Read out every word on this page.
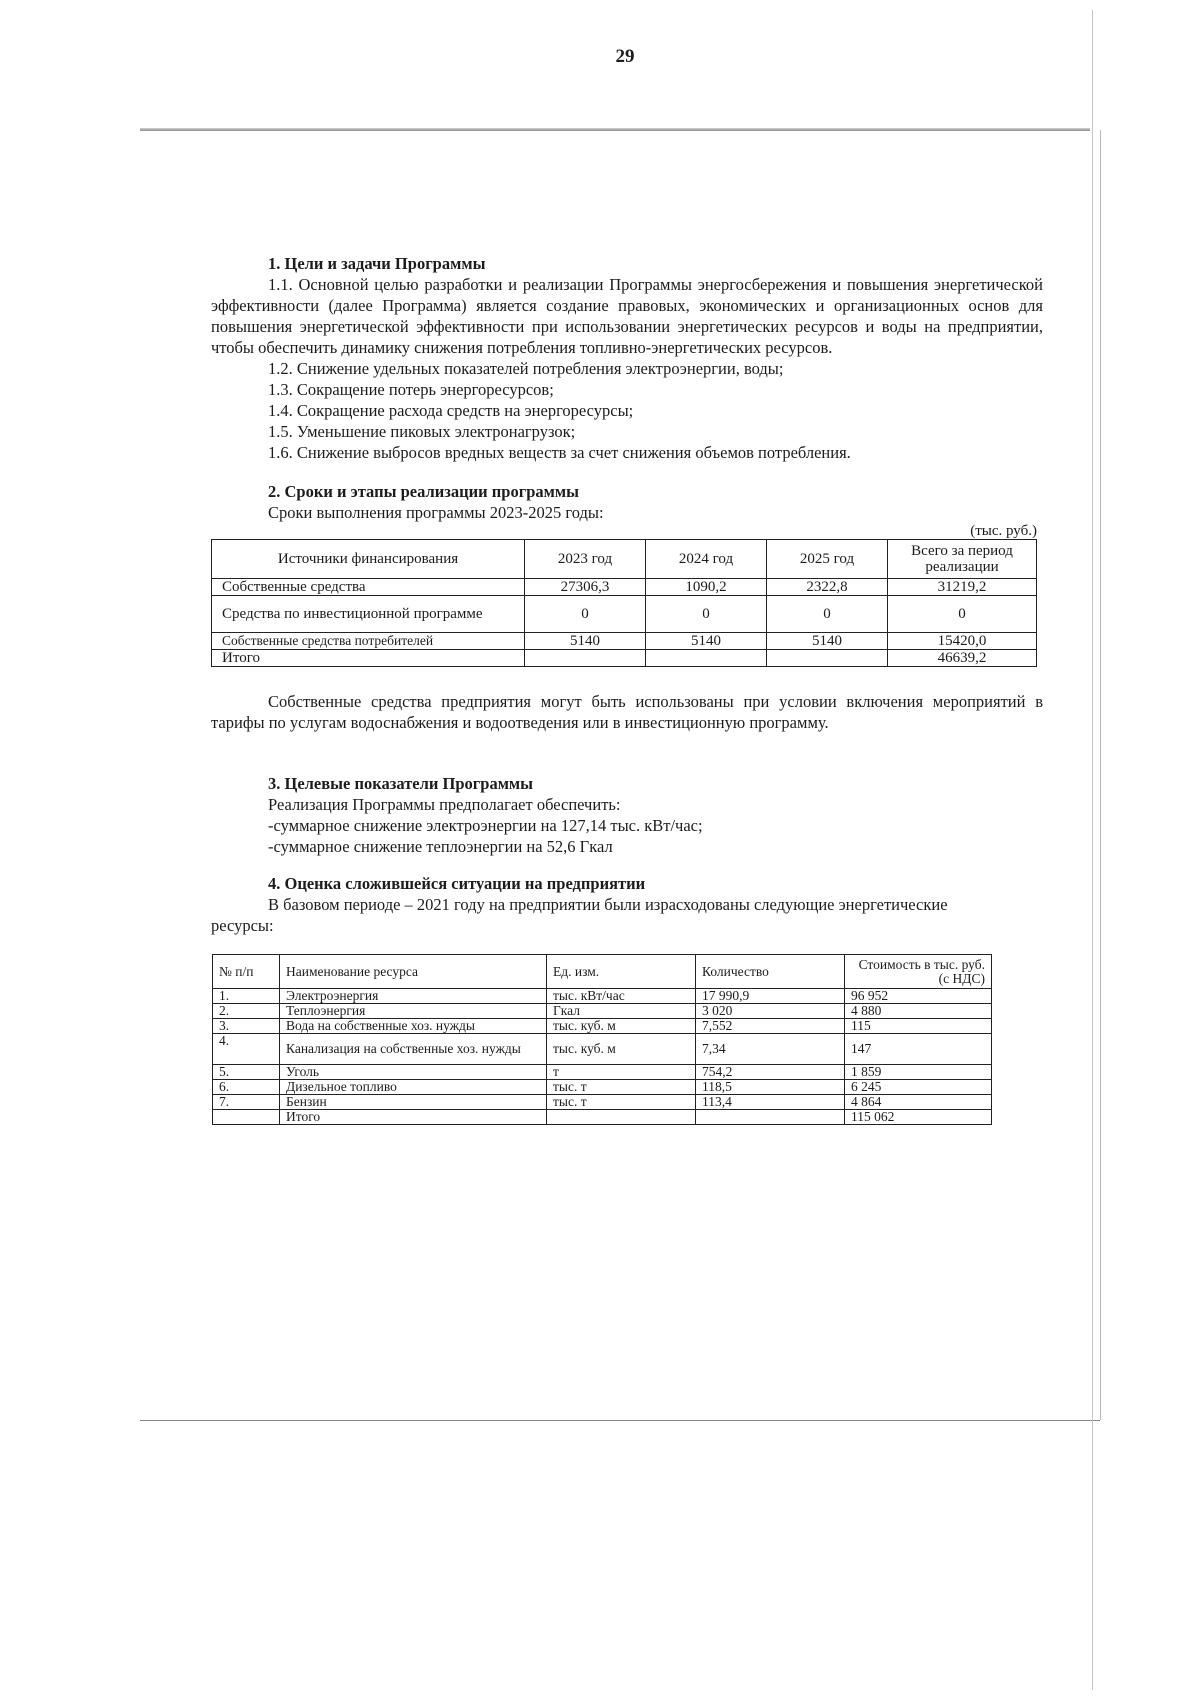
29

1. Цели и задачи Программы

1.1. Основной целью разработки и реализации Программы энергосбережения и повышения энергетической эффективности (далее Программа) является создание правовых, экономических и организационных основ для повышения энергетической эффективности при использовании энергетических ресурсов и воды на предприятии, чтобы обеспечить динамику снижения потребления топливно-энергетических ресурсов.

1.2. Снижение удельных показателей потребления электроэнергии, воды;

1.3. Сокращение потерь энергоресурсов;

1.4. Сокращение расхода средств на энергоресурсы;

1.5. Уменьшение пиковых электронагрузок;

1.6. Снижение выбросов вредных веществ за счет снижения объемов потребления.

2. Сроки и этапы реализации программы

Сроки выполнения программы 2023-2025 годы:

(тыс. руб.)

Источники финансирования	2023 год	2024 год	2025 год	Всего за период реализации
Собственные средства	27306,3	1090,2	2322,8	31219,2
Средства по инвестиционной программе	0	0	0	0
Собственные средства потребителей	5140	5140	5140	15420,0
Итого				46639,2

Собственные средства предприятия могут быть использованы при условии включения мероприятий в тарифы по услугам водоснабжения и водоотведения или в инвестиционную программу.

3. Целевые показатели Программы

Реализация Программы предполагает обеспечить:

-суммарное снижение электроэнергии на 127,14 тыс. кВт/час;

-суммарное снижение теплоэнергии на 52,6 Гкал

4. Оценка сложившейся ситуации на предприятии

В базовом периоде – 2021 году на предприятии были израсходованы следующие энергетические ресурсы:

№ п/п	Наименование ресурса	Ед. изм.	Количество	Стоимость в тыс. руб. (с НДС)
1.	Электроэнергия	тыс. кВт/час	17 990,9	96 952
2.	Теплоэнергия	Гкал	3 020	4 880
3.	Вода на собственные хоз. нужды	тыс. куб. м	7,552	115
4.	Канализация на собственные хоз. нужды	тыс. куб. м	7,34	147
5.	Уголь	т	754,2	1 859
6.	Дизельное топливо	тыс. т	118,5	6 245
7.	Бензин	тыс. т	113,4	4 864
	Итого			115 062
